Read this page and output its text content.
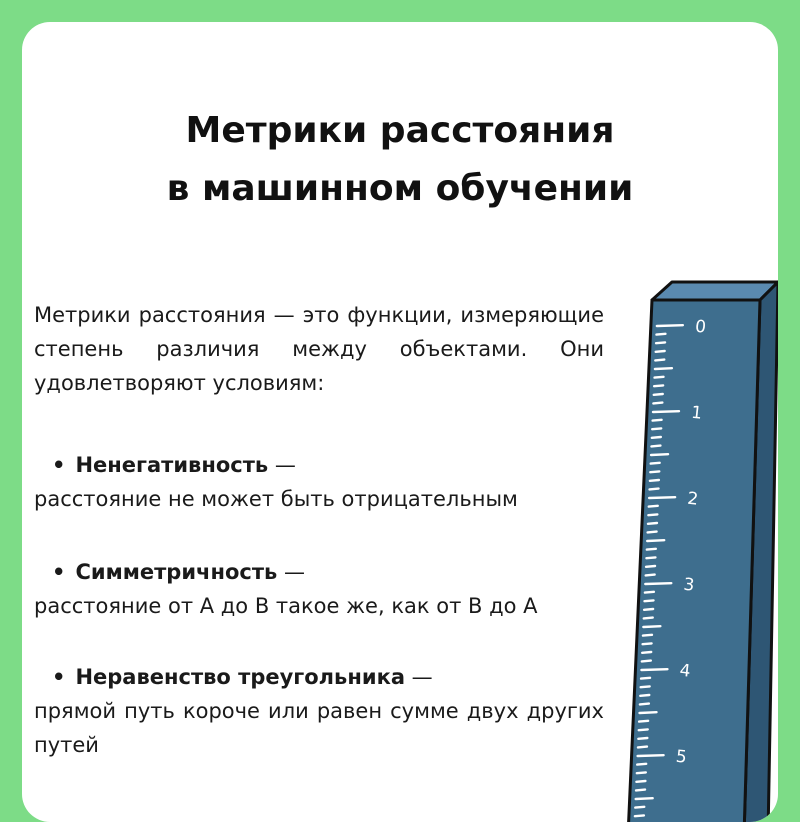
Метрики расстояния
в машинном обучении
Метрики расстояния — это функции, измеряющие степень различия между объектами. Они удовлетворяют условиям:
• Ненегативность —
расстояние не может быть отрицательным
• Симметричность —
расстояние от A до B такое же, как от B до A
• Неравенство треугольника —
прямой путь короче или равен сумме двух других путей
0
1
2
3
4
5
